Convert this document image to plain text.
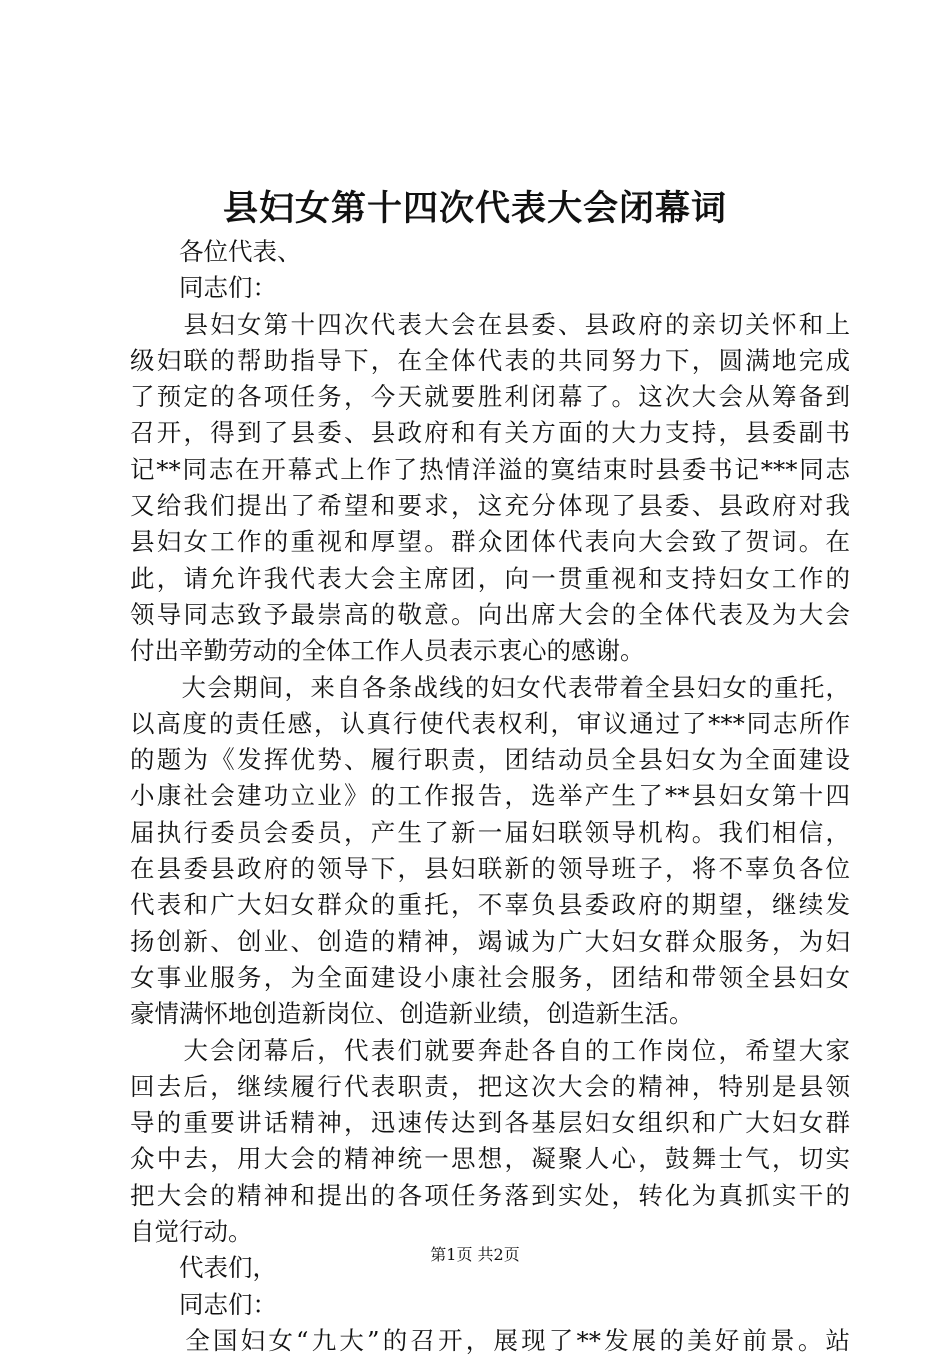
县妇女第十四次代表大会闭幕词
　　各位代表、
　　同志们：
　　县妇女第十四次代表大会在县委、县政府的亲切关怀和上
级妇联的帮助指导下，在全体代表的共同努力下，圆满地完成
了预定的各项任务，今天就要胜利闭幕了。这次大会从筹备到
召开，得到了县委、县政府和有关方面的大力支持，县委副书
记**同志在开幕式上作了热情洋溢的寞结束时县委书记***同志
又给我们提出了希望和要求，这充分体现了县委、县政府对我
县妇女工作的重视和厚望。群众团体代表向大会致了贺词。在
此，请允许我代表大会主席团，向一贯重视和支持妇女工作的
领导同志致予最崇高的敬意。向出席大会的全体代表及为大会
付出辛勤劳动的全体工作人员表示衷心的感谢。
　　大会期间，来自各条战线的妇女代表带着全县妇女的重托，
以高度的责任感，认真行使代表权利，审议通过了***同志所作
的题为《发挥优势、履行职责，团结动员全县妇女为全面建设
小康社会建功立业》的工作报告，选举产生了**县妇女第十四
届执行委员会委员，产生了新一届妇联领导机构。我们相信，
在县委县政府的领导下，县妇联新的领导班子，将不辜负各位
代表和广大妇女群众的重托，不辜负县委政府的期望，继续发
扬创新、创业、创造的精神，竭诚为广大妇女群众服务，为妇
女事业服务，为全面建设小康社会服务，团结和带领全县妇女
豪情满怀地创造新岗位、创造新业绩，创造新生活。
　　大会闭幕后，代表们就要奔赴各自的工作岗位，希望大家
回去后，继续履行代表职责，把这次大会的精神，特别是县领
导的重要讲话精神，迅速传达到各基层妇女组织和广大妇女群
众中去，用大会的精神统一思想，凝聚人心，鼓舞士气，切实
把大会的精神和提出的各项任务落到实处，转化为真抓实干的
自觉行动。
　　代表们，
　　同志们：
　　全国妇女“九大”的召开，展现了**发展的美好前景。站
第1页 共2页
